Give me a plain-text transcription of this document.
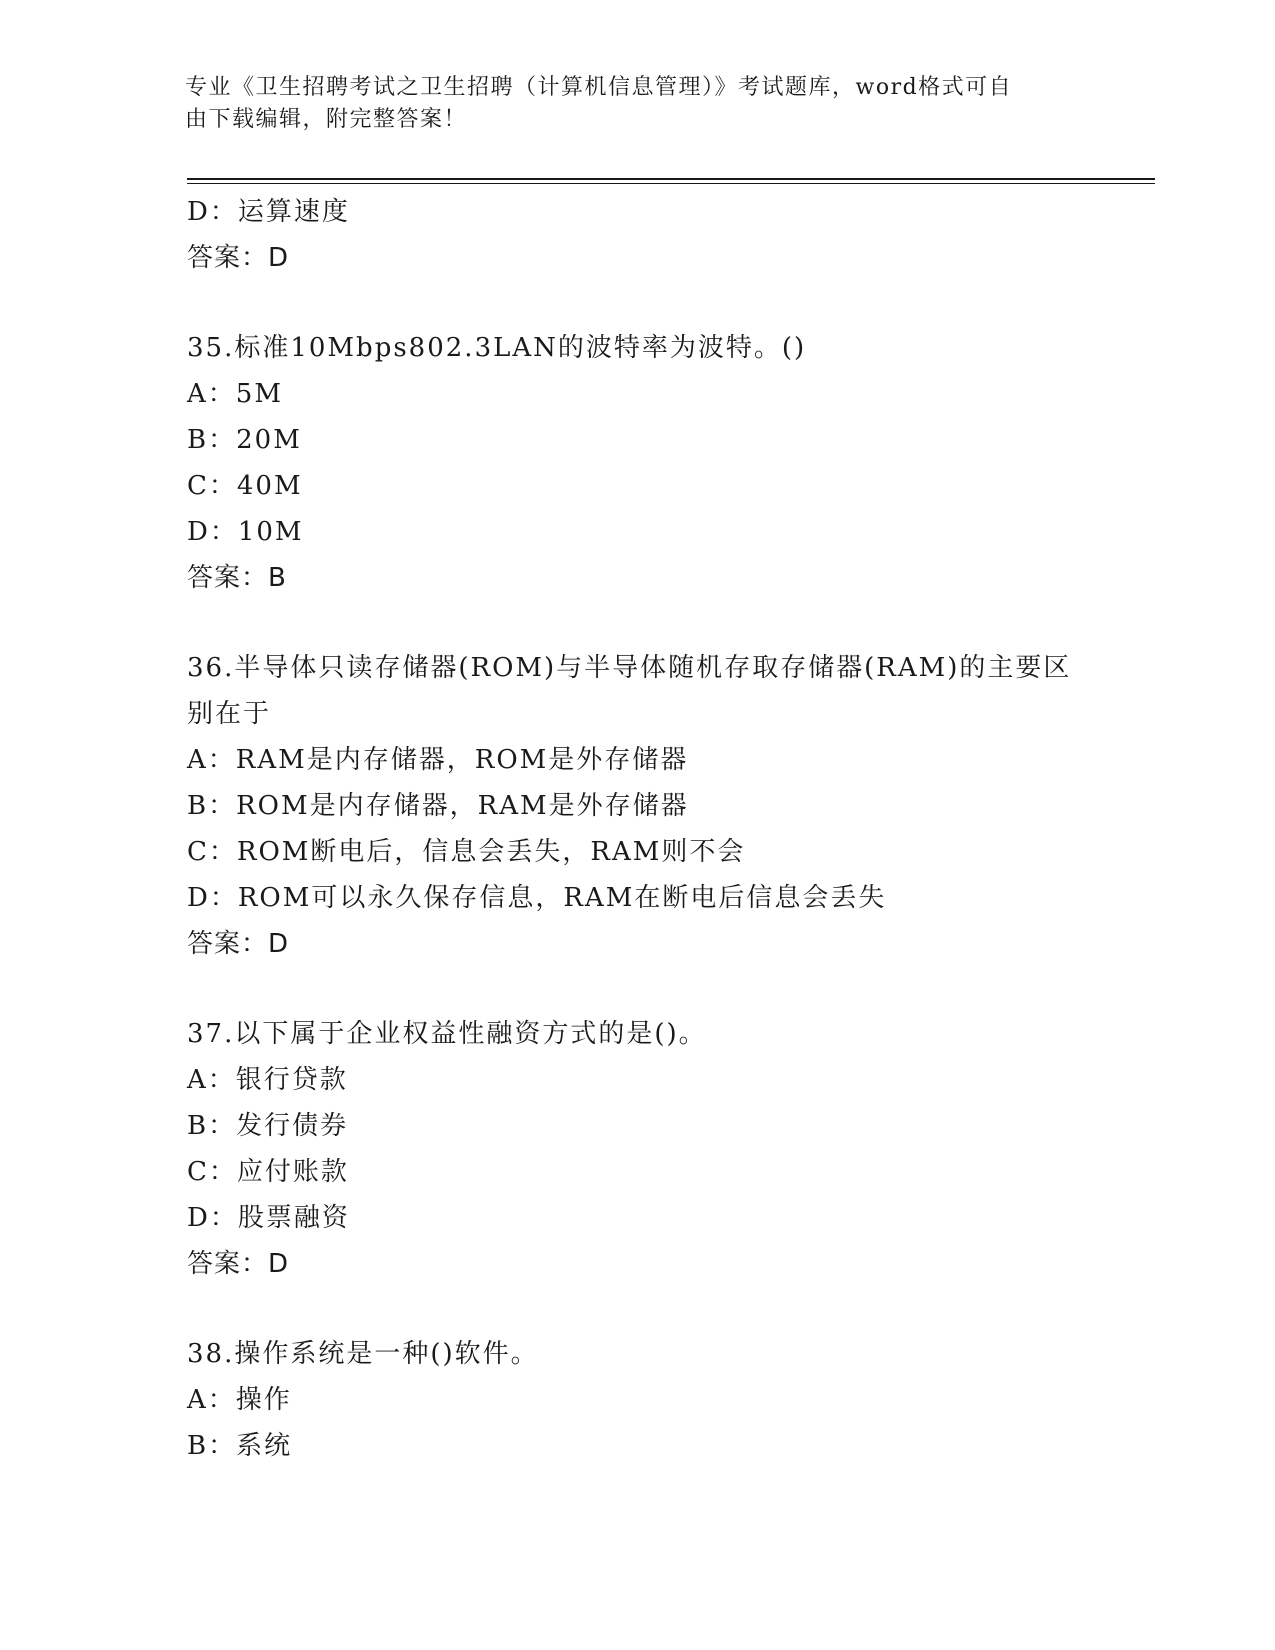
专业《卫生招聘考试之卫生招聘（计算机信息管理）》考试题库，word格式可自
由下载编辑，附完整答案！
D：运算速度
答案：D
35.标准10Mbps802.3LAN的波特率为波特。()
A：5M
B：20M
C：40M
D：10M
答案：B
36.半导体只读存储器(ROM)与半导体随机存取存储器(RAM)的主要区别在于
A：RAM是内存储器，ROM是外存储器
B：ROM是内存储器，RAM是外存储器
C：ROM断电后，信息会丢失，RAM则不会
D：ROM可以永久保存信息，RAM在断电后信息会丢失
答案：D
37.以下属于企业权益性融资方式的是()。
A：银行贷款
B：发行债券
C：应付账款
D：股票融资
答案：D
38.操作系统是一种()软件。
A：操作
B：系统
